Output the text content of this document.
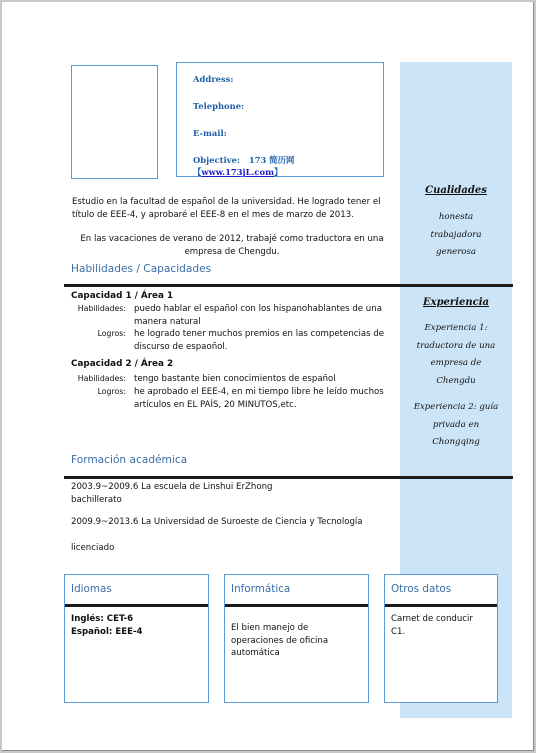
Address:
Telephone:
E-mail:
Objective: 173 简历网【www.173jL.com】
Estudio en la facultad de español de la universidad. He logrado tener el título de EEE-4, y aprobaré el EEE-8 en el mes de marzo de 2013.
En las vacaciones de verano de 2012, trabajé como traductora en una empresa de Chengdu.
Habilidades / Capacidades
Capacidad 1 / Área 1
Habilidades: puedo hablar el español con los hispanohablantes de una manera natural
Logros: he logrado tener muchos premios en las competencias de discurso de espaoñol.
Capacidad 2 / Área 2
Habilidades: tengo bastante bien conocimientos de español
Logros: he aprobado el EEE-4, en mi tiempo libre he leído muchos artículos en EL PAÍS, 20 MINUTOS,etc.
Formación académica
2003.9~2009.6 La escuela de Linshui ErZhong
bachillerato
2009.9~2013.6 La Universidad de Suroeste de Ciencia y Tecnología
licenciado
Cualidades
honesta
trabajadora
generosa
Experiencia
Experiencia 1:
traductora de una
empresa de
Chengdu
Experiencia 2: guía
privada en
Chongqing
Idiomas
Inglés: CET-6
Español: EEE-4
Informática
El bien manejo de operaciones de oficina automática
Otros datos
Carnet de conducir
C1.
